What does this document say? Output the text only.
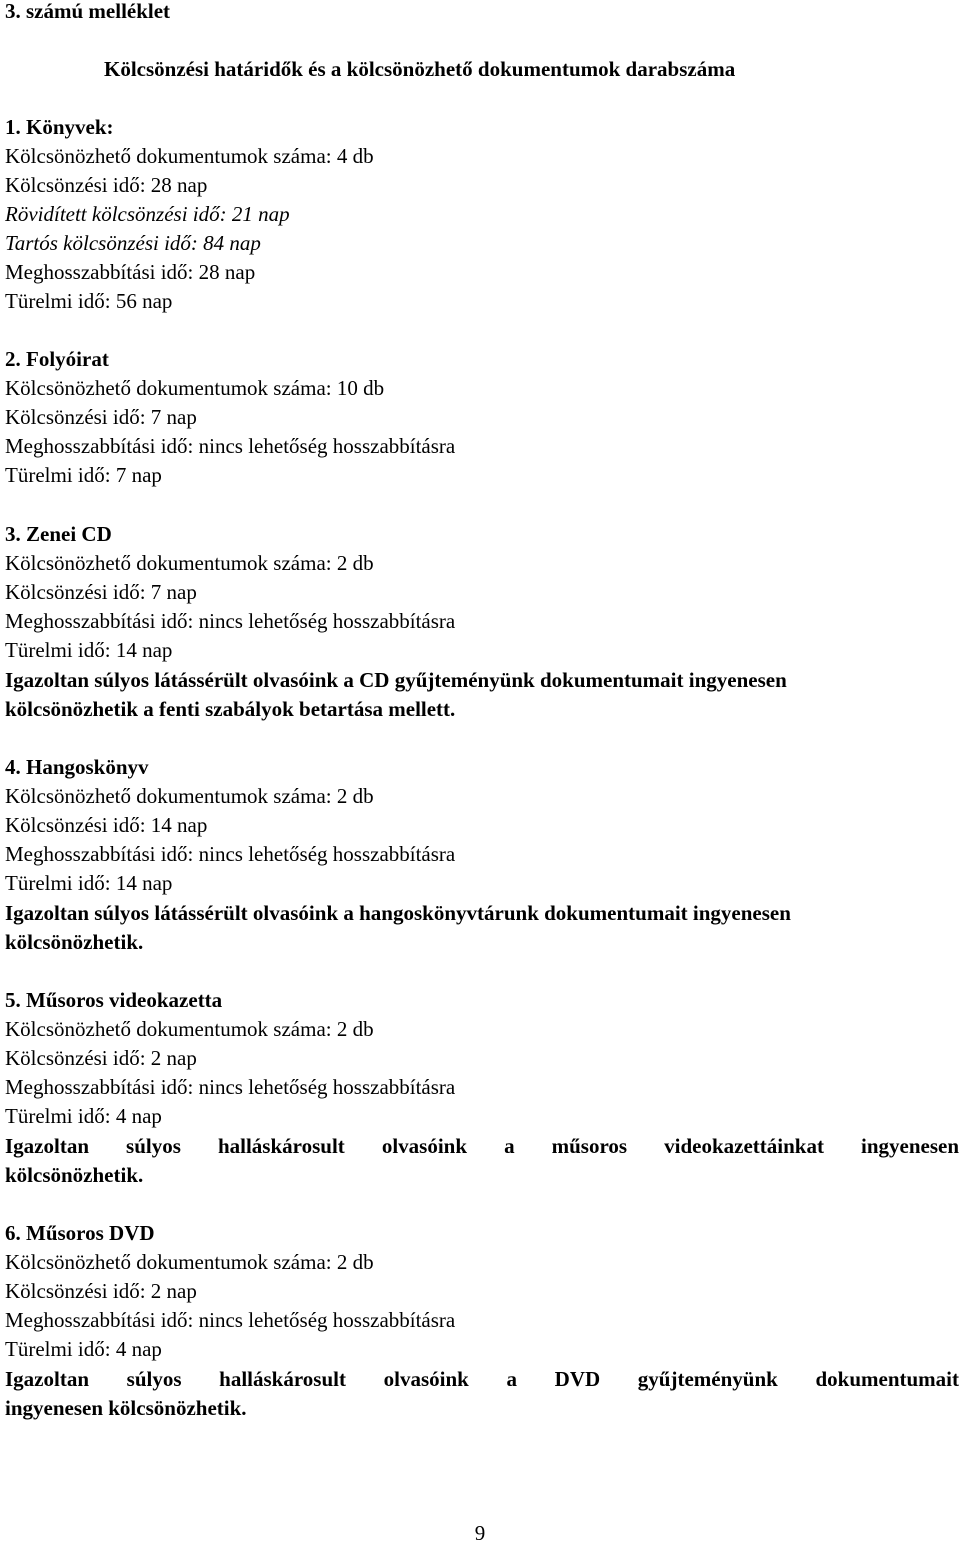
3. számú melléklet
Kölcsönzési határidők és a kölcsönözhető dokumentumok darabszáma
1. Könyvek:
Kölcsönözhető dokumentumok száma: 4 db
Kölcsönzési idő: 28 nap
Rövidített kölcsönzési idő: 21 nap
Tartós kölcsönzési idő: 84 nap
Meghosszabbítási idő: 28 nap
Türelmi idő: 56 nap
2. Folyóirat
Kölcsönözhető dokumentumok száma: 10 db
Kölcsönzési idő: 7 nap
Meghosszabbítási idő: nincs lehetőség hosszabbításra
Türelmi idő: 7 nap
3. Zenei CD
Kölcsönözhető dokumentumok száma: 2 db
Kölcsönzési idő: 7 nap
Meghosszabbítási idő: nincs lehetőség hosszabbításra
Türelmi idő: 14 nap
Igazoltan súlyos látássérült olvasóink a CD gyűjteményünk dokumentumait ingyenesen
kölcsönözhetik a fenti szabályok betartása mellett.
4. Hangoskönyv
Kölcsönözhető dokumentumok száma: 2 db
Kölcsönzési idő: 14 nap
Meghosszabbítási idő: nincs lehetőség hosszabbításra
Türelmi idő: 14 nap
Igazoltan súlyos látássérült olvasóink a hangoskönyvtárunk dokumentumait ingyenesen
kölcsönözhetik.
5. Műsoros videokazetta
Kölcsönözhető dokumentumok száma: 2 db
Kölcsönzési idő: 2 nap
Meghosszabbítási idő: nincs lehetőség hosszabbításra
Türelmi idő: 4 nap
Igazoltan súlyos halláskárosult olvasóink a műsoros videokazettáinkat ingyenesen
kölcsönözhetik.
6. Műsoros DVD
Kölcsönözhető dokumentumok száma: 2 db
Kölcsönzési idő: 2 nap
Meghosszabbítási idő: nincs lehetőség hosszabbításra
Türelmi idő: 4 nap
Igazoltan súlyos halláskárosult olvasóink a DVD gyűjteményünk dokumentumait
ingyenesen kölcsönözhetik.
9
